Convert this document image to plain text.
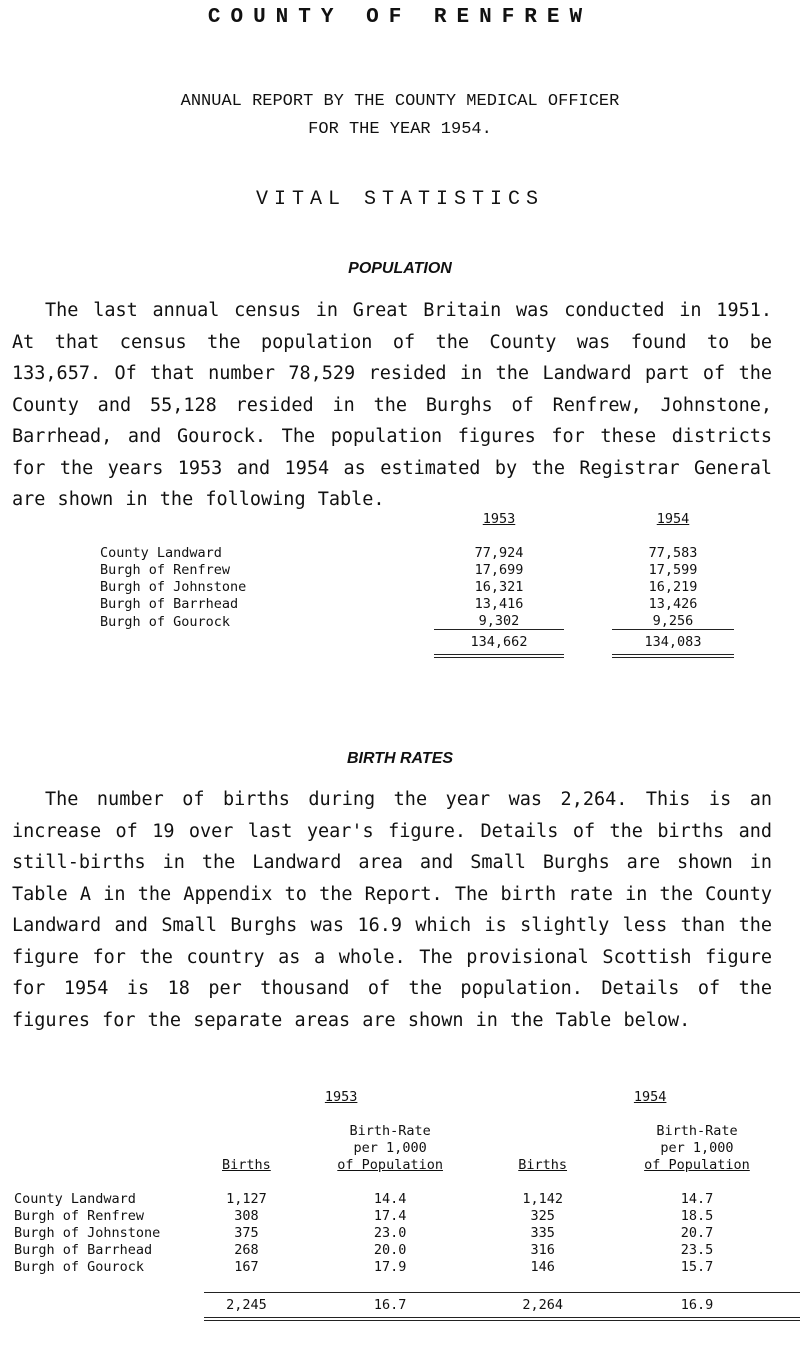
COUNTY OF RENFREW
ANNUAL REPORT BY THE COUNTY MEDICAL OFFICER
FOR THE YEAR 1954.
VITAL STATISTICS
POPULATION
The last annual census in Great Britain was conducted in 1951. At that census the population of the County was found to be 133,657. Of that number 78,529 resided in the Landward part of the County and 55,128 resided in the Burghs of Renfrew, Johnstone, Barrhead, and Gourock. The population figures for these districts for the years 1953 and 1954 as estimated by the Registrar General are shown in the following Table.
	1953		1954

County Landward	77,924		77,583
Burgh of Renfrew	17,699		17,599
Burgh of Johnstone	16,321		16,219
Burgh of Barrhead	13,416		13,426
Burgh of Gourock	9,302		9,256
	134,662		134,083
BIRTH RATES
The number of births during the year was 2,264. This is an increase of 19 over last year's figure. Details of the births and still-births in the Landward area and Small Burghs are shown in Table A in the Appendix to the Report. The birth rate in the County Landward and Small Burghs was 16.9 which is slightly less than the figure for the country as a whole. The provisional Scottish figure for 1954 is 18 per thousand of the population. Details of the figures for the separate areas are shown in the Table below.
		1953		1954

		Birth-Rate		Birth-Rate
		per 1,000		per 1,000
	Births	of Population	Births	of Population

County Landward	1,127	14.4	1,142	14.7
Burgh of Renfrew	308	17.4	325	18.5
Burgh of Johnstone	375	23.0	335	20.7
Burgh of Barrhead	268	20.0	316	23.5
Burgh of Gourock	167	17.9	146	15.7

	2,245	16.7	2,264	16.9
